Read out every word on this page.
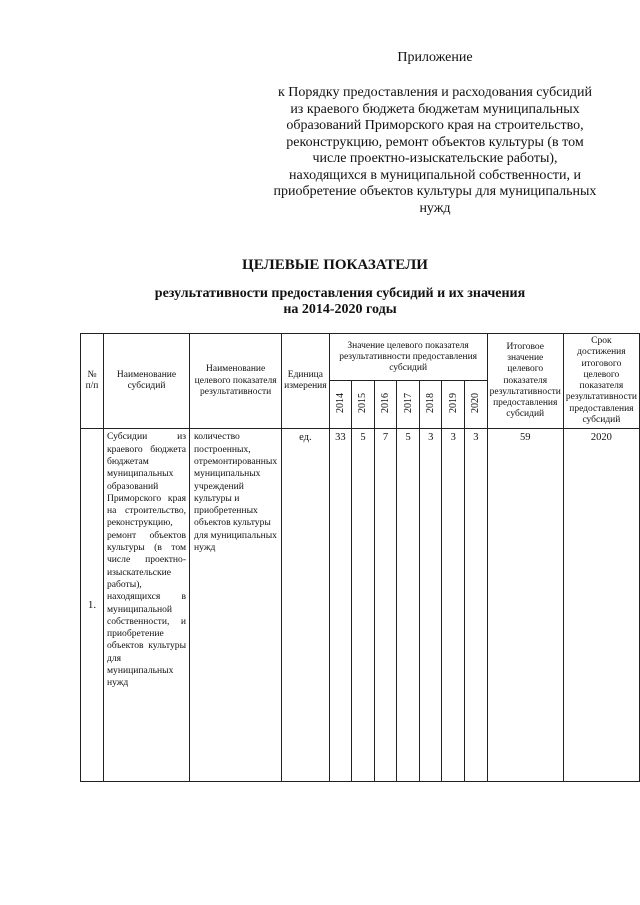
Приложение
к Порядку предоставления и расходования субсидий
из краевого бюджета бюджетам муниципальных
образований Приморского края на строительство,
реконструкцию, ремонт объектов культуры (в том
числе проектно-изыскательские работы),
находящихся в муниципальной собственности, и
приобретение объектов культуры для муниципальных
нужд
ЦЕЛЕВЫЕ ПОКАЗАТЕЛИ
результативности предоставления субсидий и их значения
на 2014-2020 годы
№ п/п	Наименование субсидий	Наименование целевого показателя результативности	Единица измерения	Значение целевого показателя результативности предоставления субсидий							Итоговое значение целевого показателя результативности предоставления субсидий	Срок достижения итогового целевого показателя результативности предоставления субсидий
				2014	2015	2016	2017	2018	2019	2020		
1.	Субсидии из краевого бюджета бюджетам муниципальных образований Приморского края на строительство, реконструкцию, ремонт объектов культуры (в том числе проектно-изыскательские работы), находящихся в муниципальной собственности, и приобретение объектов культуры для муниципальных нужд	количество построенных, отремонтированных муниципальных учреждений культуры и приобретенных объектов культуры для муниципальных нужд	ед.	33	5	7	5	3	3	3	59	2020
